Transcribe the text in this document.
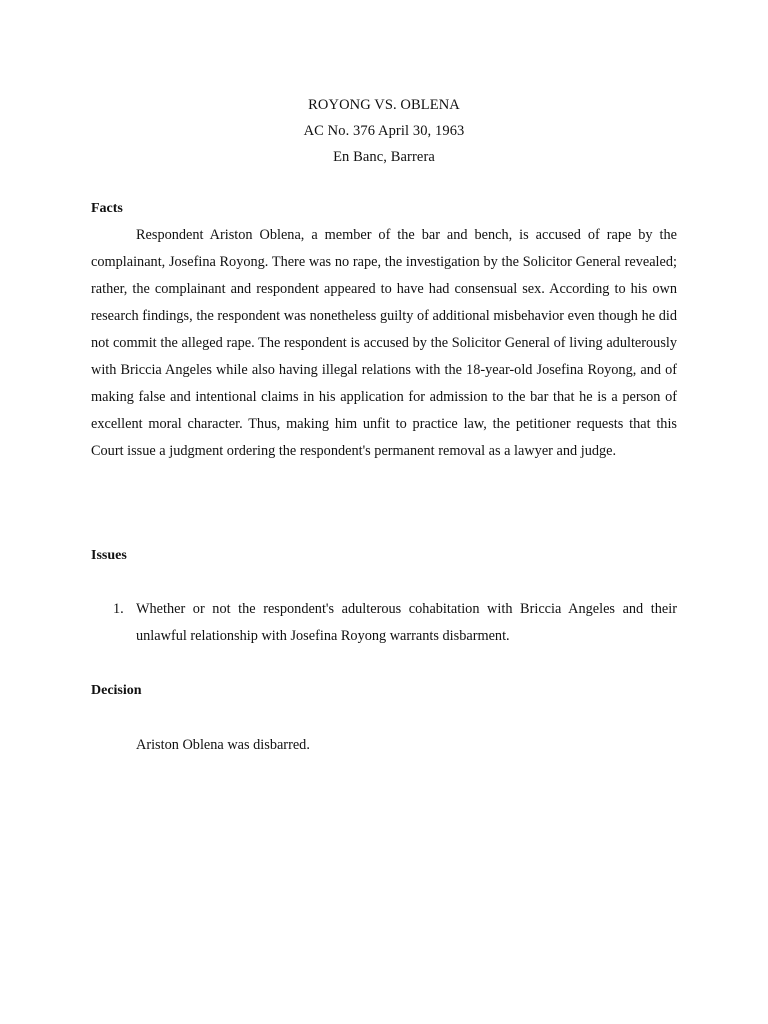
ROYONG VS. OBLENA
AC No. 376 April 30, 1963
En Banc, Barrera
Facts
Respondent Ariston Oblena, a member of the bar and bench, is accused of rape by the complainant, Josefina Royong. There was no rape, the investigation by the Solicitor General revealed; rather, the complainant and respondent appeared to have had consensual sex. According to his own research findings, the respondent was nonetheless guilty of additional misbehavior even though he did not commit the alleged rape. The respondent is accused by the Solicitor General of living adulterously with Briccia Angeles while also having illegal relations with the 18-year-old Josefina Royong, and of making false and intentional claims in his application for admission to the bar that he is a person of excellent moral character. Thus, making him unfit to practice law, the petitioner requests that this Court issue a judgment ordering the respondent's permanent removal as a lawyer and judge.
Issues
1. Whether or not the respondent's adulterous cohabitation with Briccia Angeles and their unlawful relationship with Josefina Royong warrants disbarment.
Decision
Ariston Oblena was disbarred.
